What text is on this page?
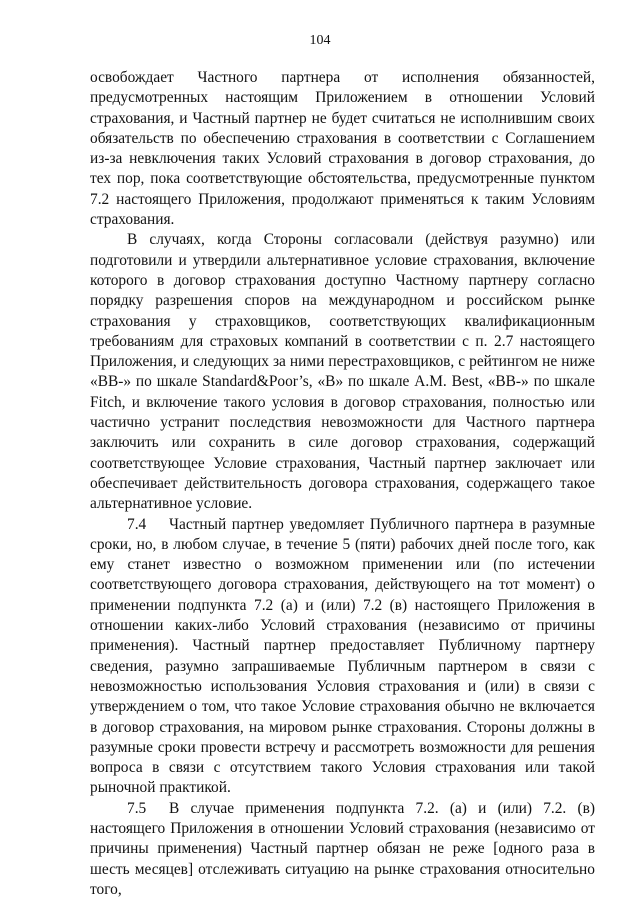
104

освобождает Частного партнера от исполнения обязанностей, предусмотренных настоящим Приложением в отношении Условий страхования, и Частный партнер не будет считаться не исполнившим своих обязательств по обеспечению страхования в соответствии с Соглашением из-за невключения таких Условий страхования в договор страхования, до тех пор, пока соответствующие обстоятельства, предусмотренные пунктом 7.2 настоящего Приложения, продолжают применяться к таким Условиям страхования.

В случаях, когда Стороны согласовали (действуя разумно) или подготовили и утвердили альтернативное условие страхования, включение которого в договор страхования доступно Частному партнеру согласно порядку разрешения споров на международном и российском рынке страхования у страховщиков, соответствующих квалификационным требованиям для страховых компаний в соответствии с п. 2.7 настоящего Приложения, и следующих за ними перестраховщиков, с рейтингом не ниже «BB-» по шкале Standard&Poor’s, «B» по шкале A.M. Best, «BB-» по шкале Fitch, и включение такого условия в договор страхования, полностью или частично устранит последствия невозможности для Частного партнера заключить или сохранить в силе договор страхования, содержащий соответствующее Условие страхования, Частный партнер заключает или обеспечивает действительность договора страхования, содержащего такое альтернативное условие.

7.4 Частный партнер уведомляет Публичного партнера в разумные сроки, но, в любом случае, в течение 5 (пяти) рабочих дней после того, как ему станет известно о возможном применении или (по истечении соответствующего договора страхования, действующего на тот момент) о применении подпункта 7.2 (а) и (или) 7.2 (в) настоящего Приложения в отношении каких-либо Условий страхования (независимо от причины применения). Частный партнер предоставляет Публичному партнеру сведения, разумно запрашиваемые Публичным партнером в связи с невозможностью использования Условия страхования и (или) в связи с утверждением о том, что такое Условие страхования обычно не включается в договор страхования, на мировом рынке страхования. Стороны должны в разумные сроки провести встречу и рассмотреть возможности для решения вопроса в связи с отсутствием такого Условия страхования или такой рыночной практикой.

7.5 В случае применения подпункта 7.2. (а) и (или) 7.2. (в) настоящего Приложения в отношении Условий страхования (независимо от причины применения) Частный партнер обязан не реже [одного раза в шесть месяцев] отслеживать ситуацию на рынке страхования относительно того,
